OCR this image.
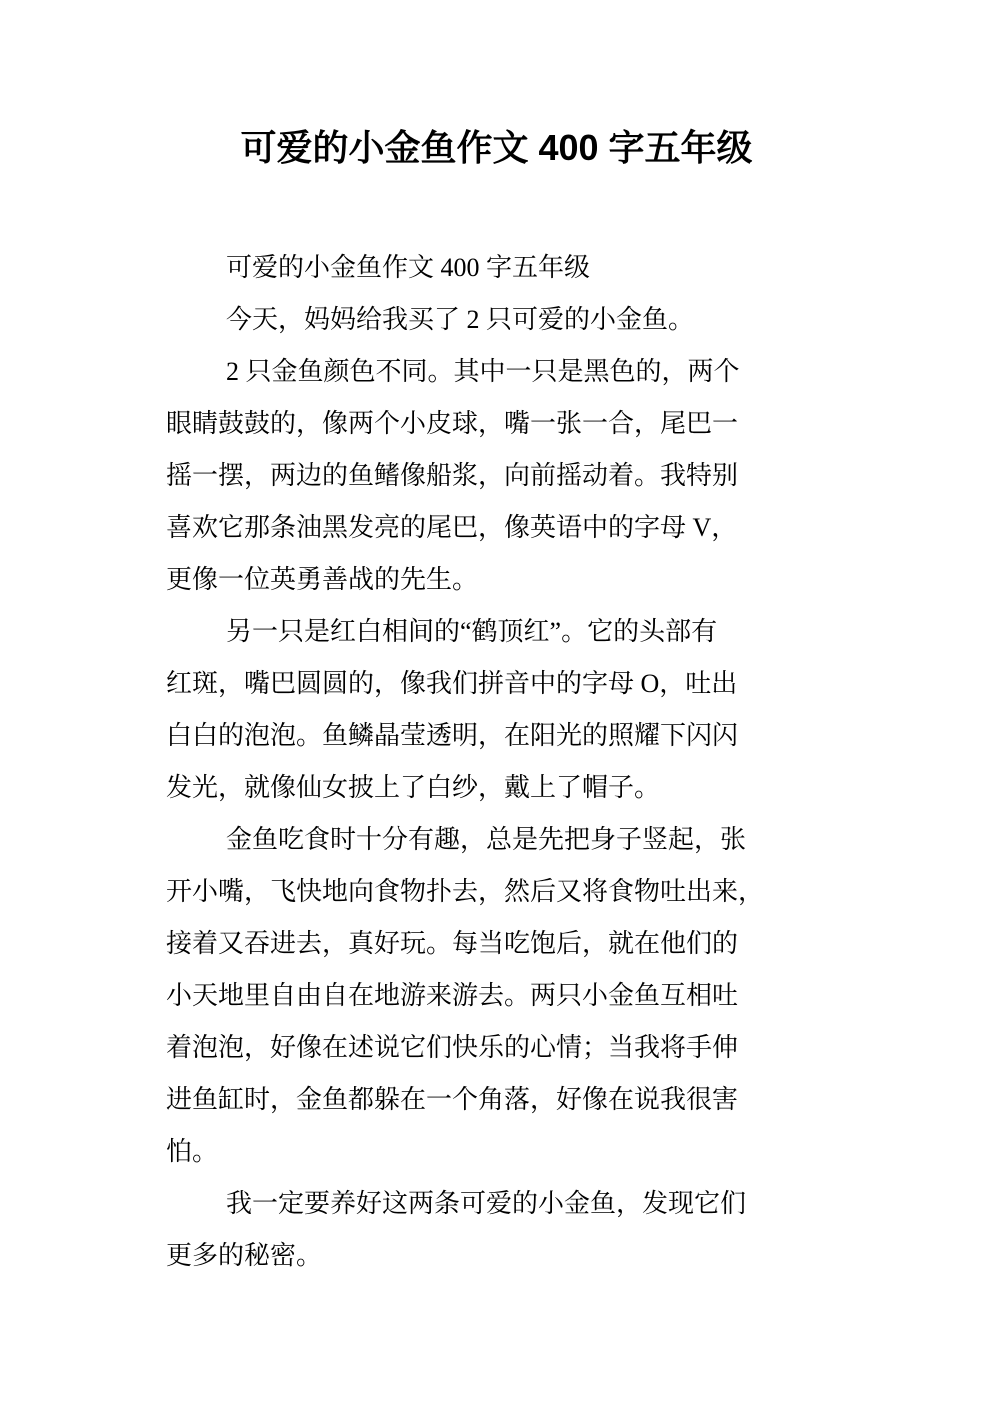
可爱的小金鱼作文 400 字五年级
可爱的小金鱼作文 400 字五年级
今天，妈妈给我买了 2 只可爱的小金鱼。
2 只金鱼颜色不同。其中一只是黑色的，两个
眼睛鼓鼓的，像两个小皮球，嘴一张一合，尾巴一
摇一摆，两边的鱼鳍像船浆，向前摇动着。我特别
喜欢它那条油黑发亮的尾巴，像英语中的字母 V，
更像一位英勇善战的先生。
另一只是红白相间的“鹤顶红”。它的头部有
红斑，嘴巴圆圆的，像我们拼音中的字母 O，吐出
白白的泡泡。鱼鳞晶莹透明，在阳光的照耀下闪闪
发光，就像仙女披上了白纱，戴上了帽子。
金鱼吃食时十分有趣，总是先把身子竖起，张
开小嘴，飞快地向食物扑去，然后又将食物吐出来，
接着又吞进去，真好玩。每当吃饱后，就在他们的
小天地里自由自在地游来游去。两只小金鱼互相吐
着泡泡，好像在述说它们快乐的心情；当我将手伸
进鱼缸时，金鱼都躲在一个角落，好像在说我很害
怕。
我一定要养好这两条可爱的小金鱼，发现它们
更多的秘密。
